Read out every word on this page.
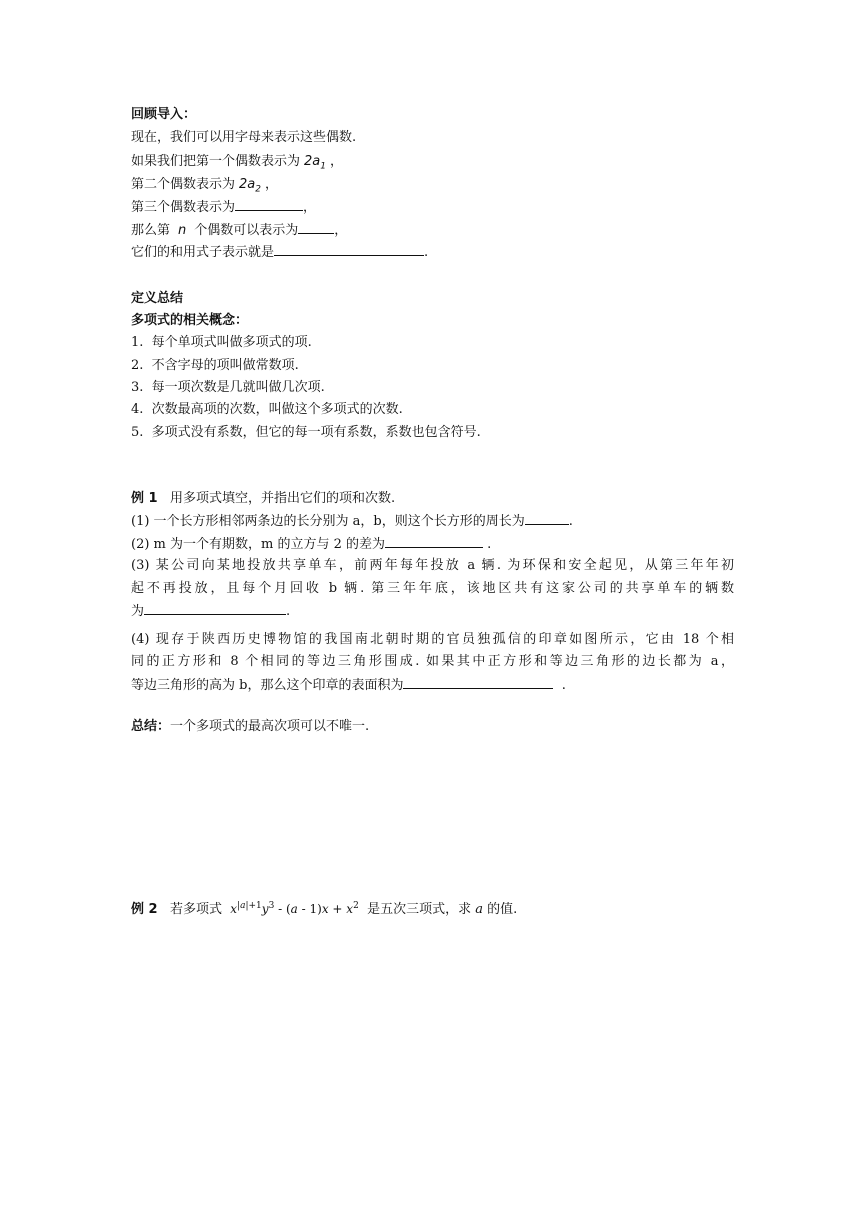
回顾导入：
现在，我们可以用字母来表示这些偶数.
如果我们把第一个偶数表示为 $2a_1$ ，
第二个偶数表示为 $2a_2$ ，
第三个偶数表示为	，
那么第 n 个偶数可以表示为	，
它们的和用式子表示就是	.
定义总结
多项式的相关概念：
1. 每个单项式叫做多项式的项.
2. 不含字母的项叫做常数项.
3. 每一项次数是几就叫做几次项.
4. 次数最高项的次数，叫做这个多项式的次数.
5. 多项式没有系数，但它的每一项有系数，系数也包含符号.
例 1 用多项式填空，并指出它们的项和次数.
(1) 一个长方形相邻两条边的长分别为 a，b，则这个长方形的周长为	.
(2) m 为一个有期数，m 的立方与 2 的差为	.
(3) 某公司向某地投放共享单车，前两年每年投放 a 辆. 为环保和安全起见，从第三年年初
起不再投放，且每个月回收 b 辆. 第三年年底，该地区共有这家公司的共享单车的辆数
为	.
(4) 现存于陕西历史博物馆的我国南北朝时期的官员独孤信的印章如图所示，它由 18 个相
同的正方形和 8 个相同的等边三角形围成. 如果其中正方形和等边三角形的边长都为 a，
等边三角形的高为 b，那么这个印章的表面积为	.
总结：一个多项式的最高次项可以不唯一.
例 2 若多项式 $x^{|a|+1}y^3 - (a - 1)x + x^2$ 是五次三项式，求 a 的值.
